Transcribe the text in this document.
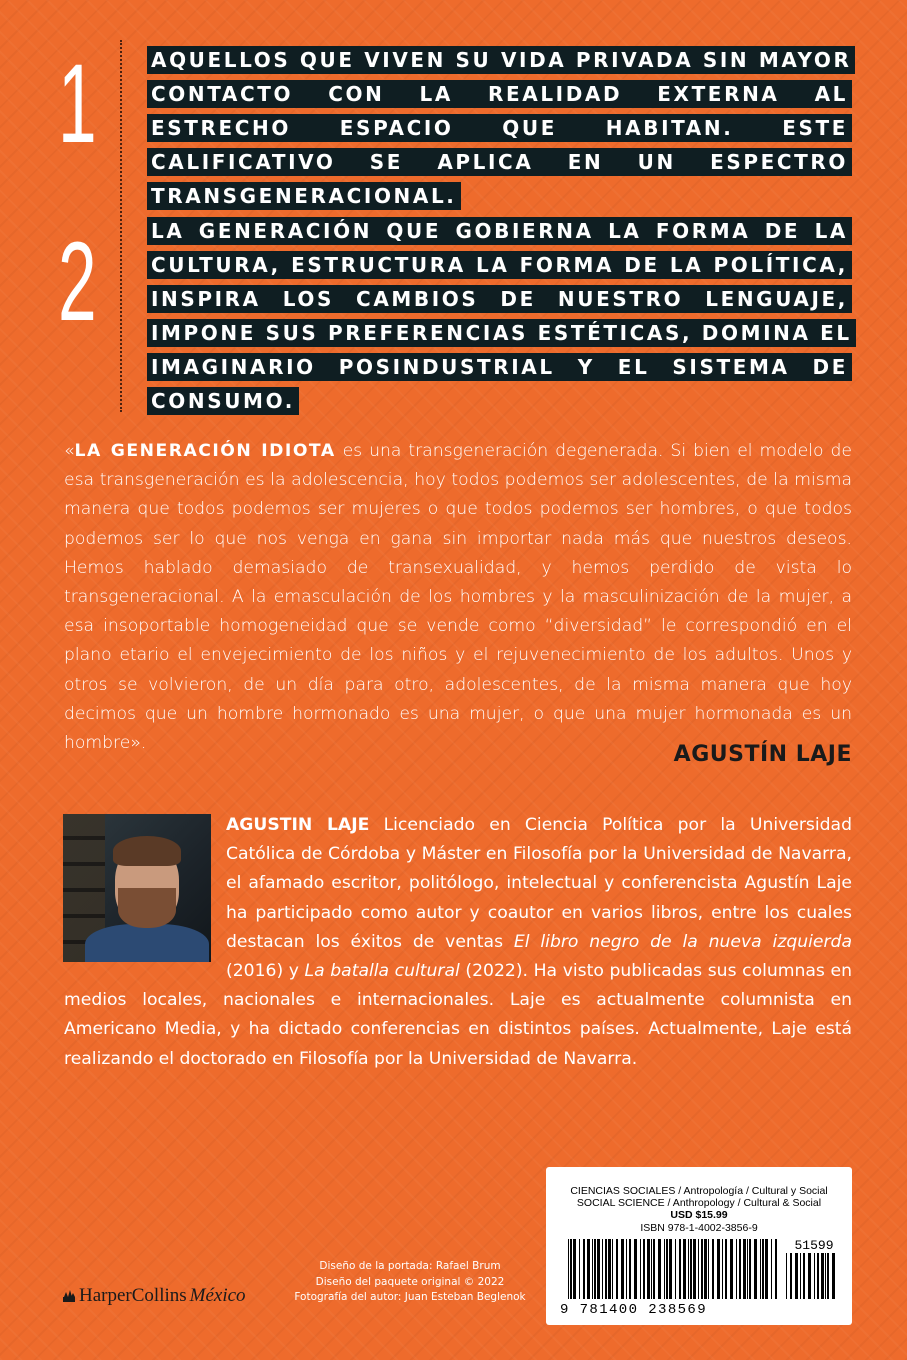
1	AQUELLOS QUE VIVEN SU VIDA PRIVADA SIN MAYOR CONTACTO CON LA REALIDAD EXTERNA AL ESTRECHO ESPACIO QUE HABITAN. ESTE CALIFICATIVO SE APLICA EN UN ESPECTRO TRANSGENERACIONAL.

2	LA GENERACIÓN QUE GOBIERNA LA FORMA DE LA CULTURA, ESTRUCTURA LA FORMA DE LA POLÍTICA, INSPIRA LOS CAMBIOS DE NUESTRO LENGUAJE, IMPONE SUS PREFERENCIAS ESTÉTICAS, DOMINA EL IMAGINARIO POSINDUSTRIAL Y EL SISTEMA DE CONSUMO.

«LA GENERACIÓN IDIOTA es una transgeneración degenerada. Si bien el modelo de esa transgeneración es la adolescencia, hoy todos podemos ser adolescentes, de la misma manera que todos podemos ser mujeres o que todos podemos ser hombres, o que todos podemos ser lo que nos venga en gana sin importar nada más que nuestros deseos. Hemos hablado demasiado de transexualidad, y hemos perdido de vista lo transgeneracional. A la emasculación de los hombres y la masculinización de la mujer, a esa insoportable homogeneidad que se vende como “diversidad” le correspondió en el plano etario el envejecimiento de los niños y el rejuvenecimiento de los adultos. Unos y otros se volvieron, de un día para otro, adolescentes, de la misma manera que hoy decimos que un hombre hormonado es una mujer, o que una mujer hormonada es un hombre».	AGUSTÍN LAJE

AGUSTIN LAJE Licenciado en Ciencia Política por la Universidad Católica de Córdoba y Máster en Filosofía por la Universidad de Navarra, el afamado escritor, politólogo, intelectual y conferencista Agustín Laje ha participado como autor y coautor en varios libros, entre los cuales destacan los éxitos de ventas El libro negro de la nueva izquierda (2016) y La batalla cultural (2022). Ha visto publicadas sus columnas en medios locales, nacionales e internacionales. Laje es actualmente columnista en Americano Media, y ha dictado conferencias en distintos países. Actualmente, Laje está realizando el doctorado en Filosofía por la Universidad de Navarra.

CIENCIAS SOCIALES / Antropología / Cultural y Social
SOCIAL SCIENCE / Anthropology / Cultural & Social
USD $15.99
ISBN 978-1-4002-3856-9
51599
9 781400 238569
Diseño de la portada: Rafael Brum
Diseño del paquete original © 2022
Fotografía del autor: Juan Esteban Beglenok
HarperCollins México
